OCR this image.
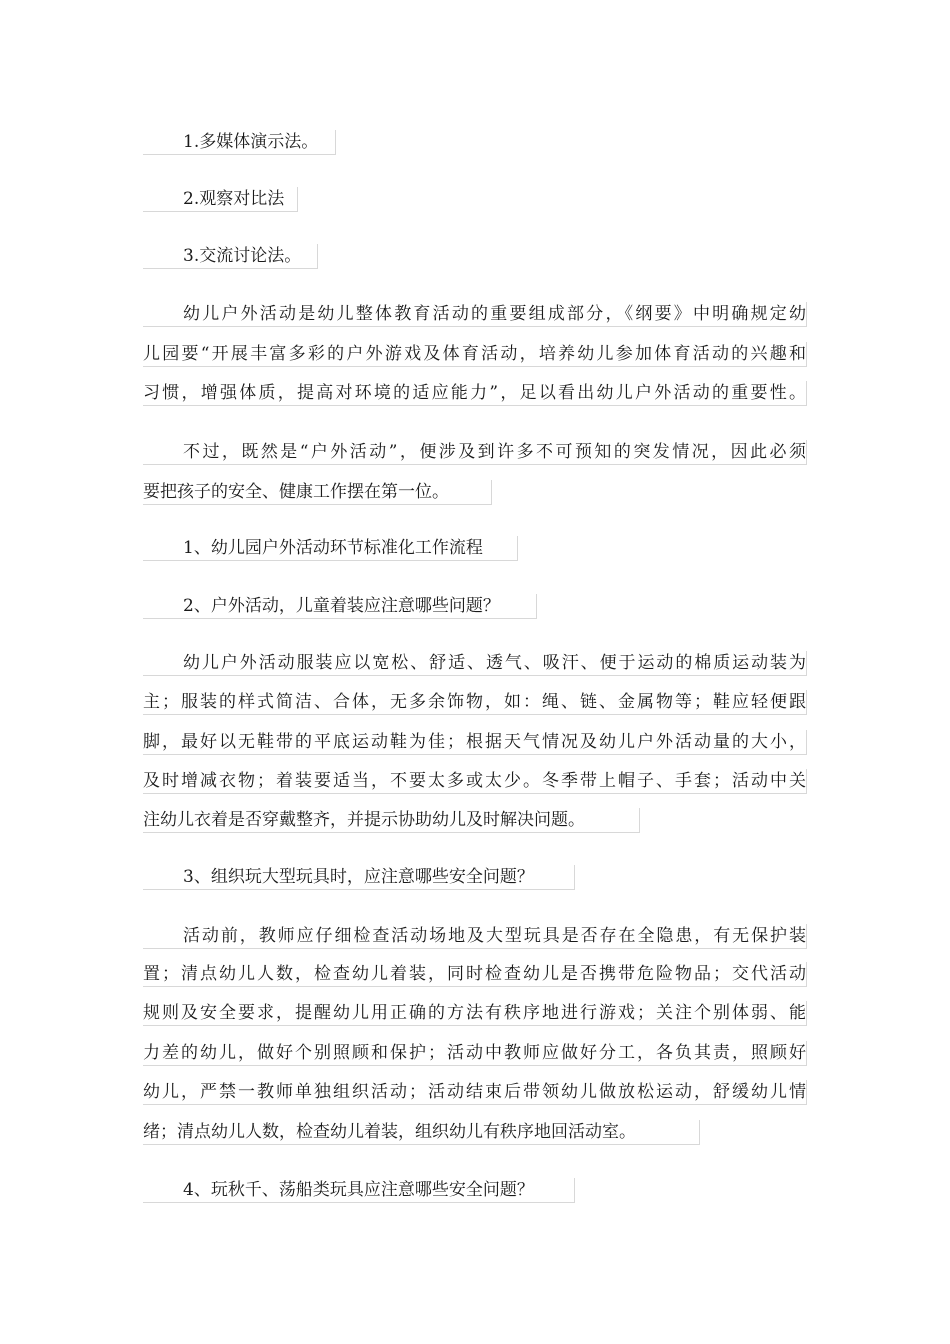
1.多媒体演示法。
2.观察对比法
3.交流讨论法。
幼儿户外活动是幼儿整体教育活动的重要组成部分，《纲要》中明确规定幼
儿园要“开展丰富多彩的户外游戏及体育活动，培养幼儿参加体育活动的兴趣和
习惯，增强体质，提高对环境的适应能力”，足以看出幼儿户外活动的重要性。
不过，既然是“户外活动”，便涉及到许多不可预知的突发情况，因此必须
要把孩子的安全、健康工作摆在第一位。
1、幼儿园户外活动环节标准化工作流程
2、户外活动，儿童着装应注意哪些问题？
幼儿户外活动服装应以宽松、舒适、透气、吸汗、便于运动的棉质运动装为
主；服装的样式简洁、合体，无多余饰物，如：绳、链、金属物等；鞋应轻便跟
脚，最好以无鞋带的平底运动鞋为佳；根据天气情况及幼儿户外活动量的大小，
及时增减衣物；着装要适当，不要太多或太少。冬季带上帽子、手套；活动中关
注幼儿衣着是否穿戴整齐，并提示协助幼儿及时解决问题。
3、组织玩大型玩具时，应注意哪些安全问题？
活动前，教师应仔细检查活动场地及大型玩具是否存在全隐患，有无保护装
置；清点幼儿人数，检查幼儿着装，同时检查幼儿是否携带危险物品；交代活动
规则及安全要求，提醒幼儿用正确的方法有秩序地进行游戏；关注个别体弱、能
力差的幼儿，做好个别照顾和保护；活动中教师应做好分工，各负其责，照顾好
幼儿，严禁一教师单独组织活动；活动结束后带领幼儿做放松运动，舒缓幼儿情
绪；清点幼儿人数，检查幼儿着装，组织幼儿有秩序地回活动室。
4、玩秋千、荡船类玩具应注意哪些安全问题？
